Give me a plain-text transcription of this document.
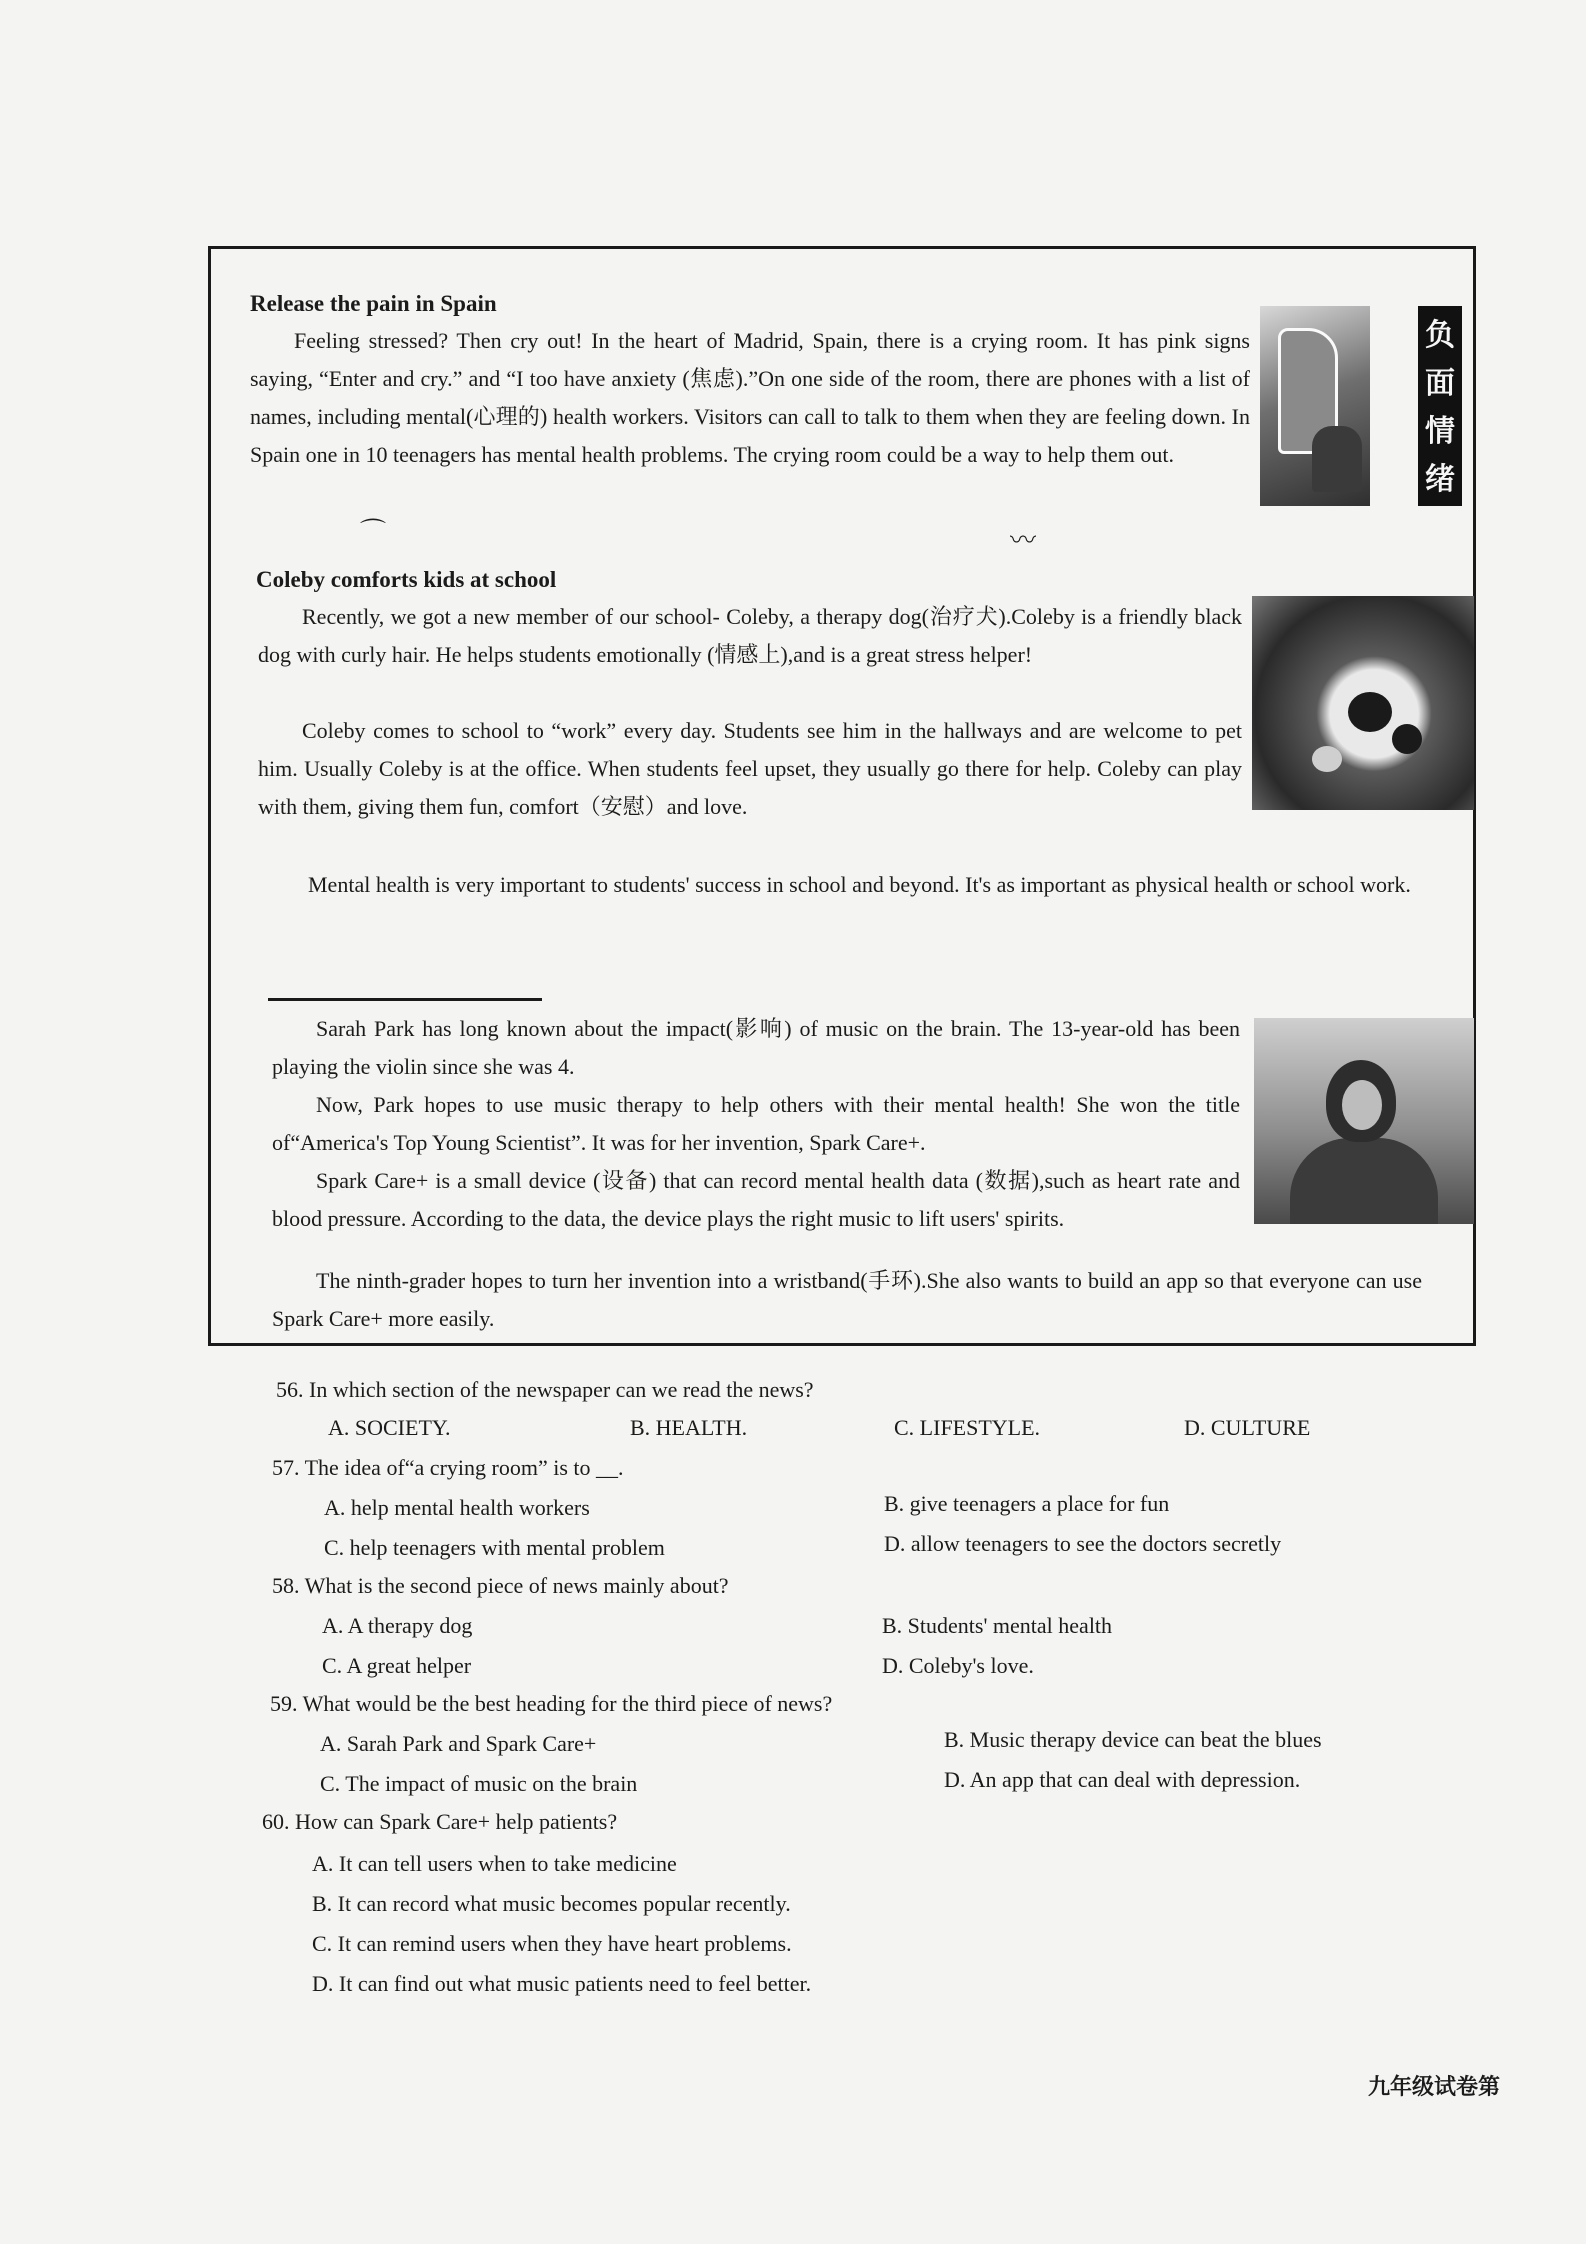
Release the pain in Spain

Feeling stressed? Then cry out! In the heart of Madrid, Spain, there is a crying room. It has pink signs saying, “Enter and cry.” and “I too have anxiety (焦虑).”On one side of the room, there are phones with a list of names, including mental(心理的) health workers. Visitors can call to talk to them when they are feeling down. In Spain one in 10 teenagers has mental health problems. The crying room could be a way to help them out.

负面情绪
⌒	〰
Coleby comforts kids at school

Recently, we got a new member of our school- Coleby, a therapy dog(治疗犬).Coleby is a friendly black dog with curly hair. He helps students emotionally (情感上),and is a great stress helper!

Coleby comes to school to “work” every day. Students see him in the hallways and are welcome to pet him. Usually Coleby is at the office. When students feel upset, they usually go there for help. Coleby can play with them, giving them fun, comfort（安慰）and love.

Mental health is very important to students' success in school and beyond. It's as important as physical health or school work.

Sarah Park has long known about the impact(影响) of music on the brain. The 13-year-old has been playing the violin since she was 4.

Now, Park hopes to use music therapy to help others with their mental health! She won the title of“America's Top Young Scientist”. It was for her invention, Spark Care+.

Spark Care+ is a small device (设备) that can record mental health data (数据),such as heart rate and blood pressure. According to the data, the device plays the right music to lift users' spirits.

The ninth-grader hopes to turn her invention into a wristband(手环).She also wants to build an app so that everyone can use Spark Care+ more easily.

56. In which section of the newspaper can we read the news?
A. SOCIETY.	B. HEALTH.	C. LIFESTYLE.	D. CULTURE
57. The idea of“a crying room” is to __.
A. help mental health workers	B. give teenagers a place for fun
C. help teenagers with mental problem	D. allow teenagers to see the doctors secretly
58. What is the second piece of news mainly about?
A. A therapy dog	B. Students' mental health
C. A great helper	D. Coleby's love.
59. What would be the best heading for the third piece of news?
A. Sarah Park and Spark Care+	B. Music therapy device can beat the blues
C. The impact of music on the brain	D. An app that can deal with depression.
60. How can Spark Care+ help patients?
A. It can tell users when to take medicine
B. It can record what music becomes popular recently.
C. It can remind users when they have heart problems.
D. It can find out what music patients need to feel better.
九年级试卷第
